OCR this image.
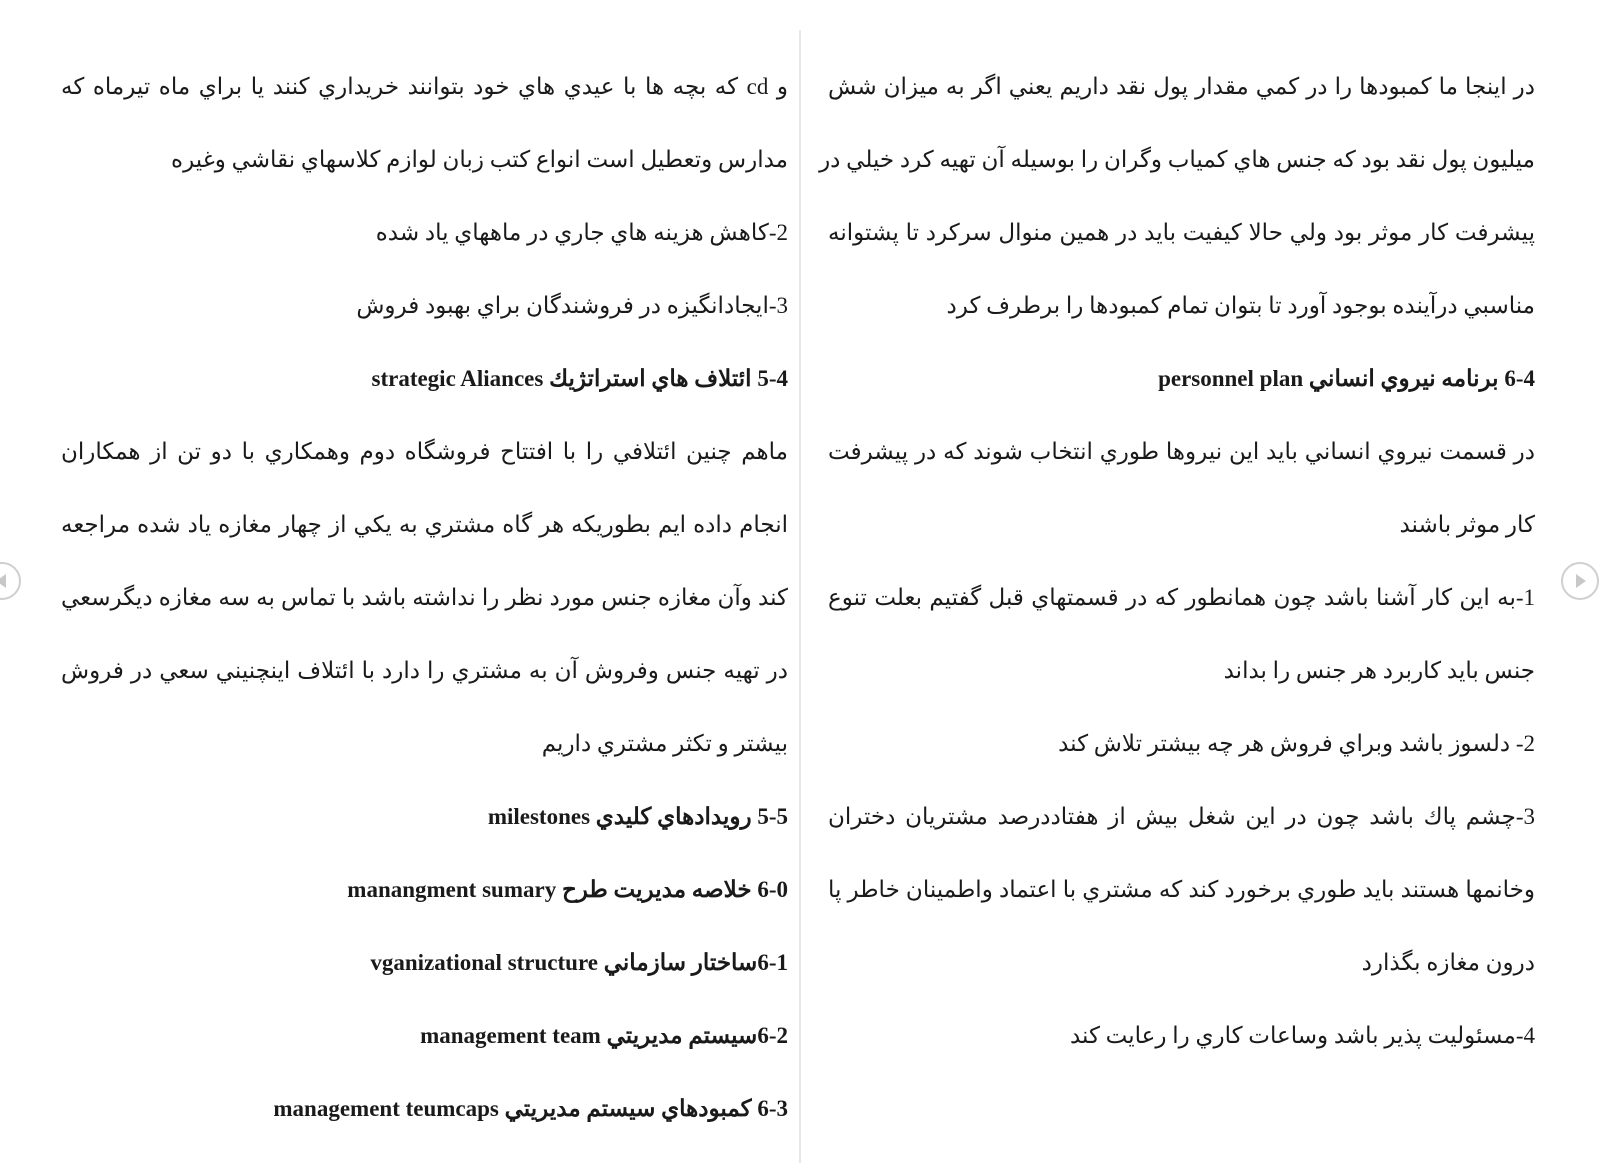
و cd که بچه ها با عيدي هاي خود بتوانند خريداري كنند يا براي ماه تيرماه كه
مدارس وتعطيل است انواع كتب زبان لوازم كلاسهاي نقاشي وغيره
2-كاهش هزينه هاي جاري در ماههاي ياد شده
3-ايجادانگيزه در فروشندگان براي بهبود فروش
5-4 ائتلاف هاي استراتژيك strategic Aliances
ماهم چنين ائتلافي را با افتتاح فروشگاه دوم وهمكاري با دو تن از همكاران
انجام داده ايم بطوريكه هر گاه مشتري به يكي از چهار مغازه ياد شده مراجعه
كند وآن مغازه جنس مورد نظر را نداشته باشد با تماس به سه مغازه ديگرسعي
در تهيه جنس وفروش آن به مشتري را دارد با ائتلاف اينچنيني سعي در فروش
بيشتر و تكثر مشتري داريم
5-5 رويدادهاي كليدي milestones
6-0 خلاصه مديريت طرح manangment sumary
6-1ساختار سازماني vganizational structure
6-2سيستم مديريتي management team
6-3 كمبودهاي سيستم مديريتي management teumcaps
در اينجا ما كمبودها را در كمي مقدار پول نقد داريم يعني اگر به ميزان شش
ميليون پول نقد بود كه جنس هاي كمياب وگران را بوسيله آن تهيه كرد خيلي در
پيشرفت كار موثر بود ولي حالا كيفيت بايد در همين منوال سركرد تا پشتوانه
مناسبي درآينده بوجود آورد تا بتوان تمام كمبودها را برطرف كرد
6-4 برنامه نيروي انساني personnel plan
در قسمت نيروي انساني بايد اين نيروها طوري انتخاب شوند كه در پيشرفت
كار موثر باشند
1-به اين كار آشنا باشد چون همانطور كه در قسمتهاي قبل گفتيم بعلت تنوع
جنس بايد كاربرد هر جنس را بداند
2- دلسوز باشد وبراي فروش هر چه بيشتر تلاش كند
3-چشم پاك باشد چون در اين شغل بيش از هفتاددرصد مشتريان دختران
وخانمها هستند بايد طوري برخورد كند كه مشتري با اعتماد واطمينان خاطر پا
درون مغازه بگذارد
4-مسئوليت پذير باشد وساعات كاري را رعايت كند
